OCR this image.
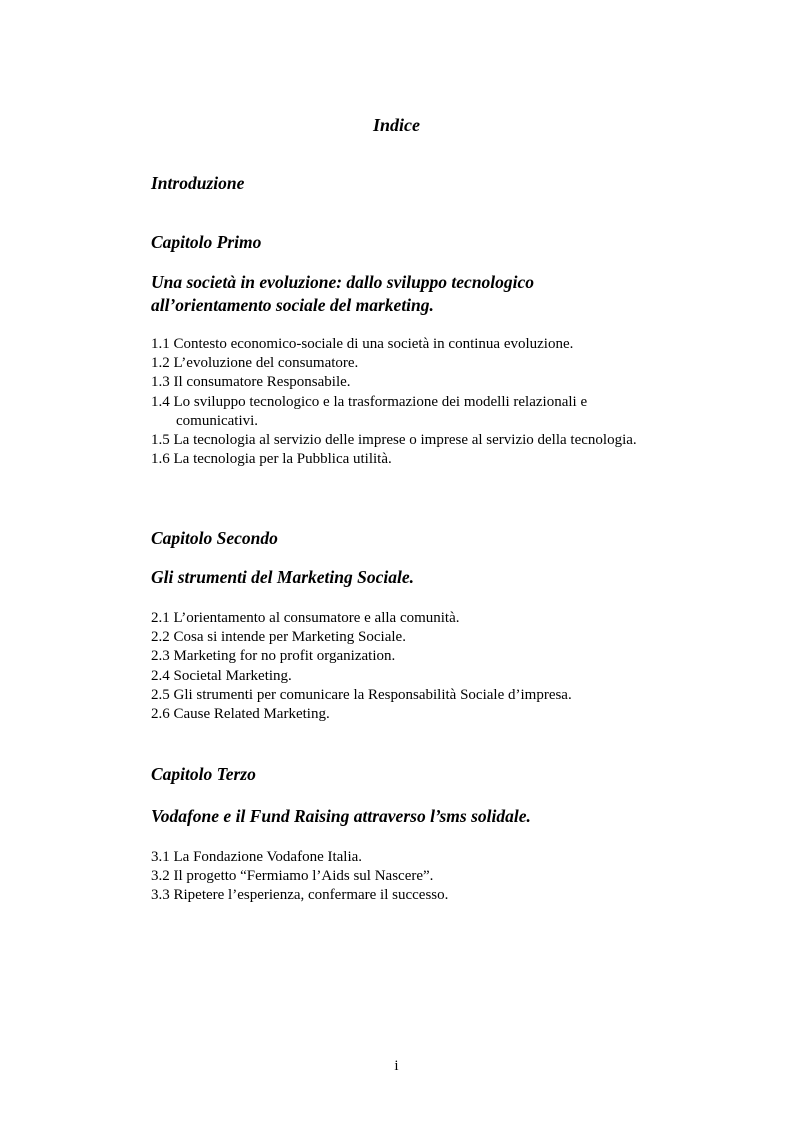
Indice
Introduzione
Capitolo Primo
Una società in evoluzione: dallo sviluppo tecnologico
all’orientamento sociale del marketing.
1.1 Contesto economico-sociale di una società in continua evoluzione.
1.2 L’evoluzione del consumatore.
1.3 Il consumatore Responsabile.
1.4 Lo sviluppo tecnologico e la trasformazione dei modelli relazionali e comunicativi.
1.5 La tecnologia al servizio delle imprese o imprese al servizio della tecnologia.
1.6 La tecnologia per la Pubblica utilità.
Capitolo Secondo
Gli strumenti del Marketing Sociale.
2.1 L’orientamento al consumatore e alla comunità.
2.2 Cosa si intende per Marketing Sociale.
2.3 Marketing for no profit organization.
2.4 Societal Marketing.
2.5 Gli strumenti per comunicare la Responsabilità Sociale d’impresa.
2.6 Cause Related Marketing.
Capitolo Terzo
Vodafone e il Fund Raising attraverso l’sms solidale.
3.1 La Fondazione Vodafone Italia.
3.2 Il progetto “Fermiamo l’Aids sul Nascere”.
3.3 Ripetere l’esperienza, confermare il successo.
i
